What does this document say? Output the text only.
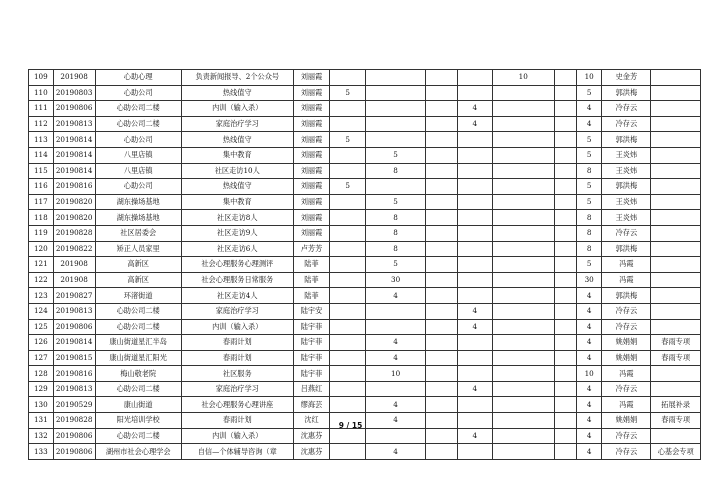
109	201908	心助心理	负责新闻报导、2个公众号	刘丽霞					10		10	史金芳	
110	20190803	心助公司	热线值守	刘丽霞	5						5	郭洪梅	
111	20190806	心助公司二楼	内训（输入杀）	刘丽霞				4			4	冷存云	
112	20190813	心助公司二楼	家庭治疗学习	刘丽霞				4			4	冷存云	
113	20190814	心助公司	热线值守	刘丽霞	5						5	郭洪梅	
114	20190814	八里店镇	集中教育	刘丽霞		5					5	王炎炜	
115	20190814	八里店镇	社区走访10人	刘丽霞		8					8	王炎炜	
116	20190816	心助公司	热线值守	刘丽霞	5						5	郭洪梅	
117	20190820	湖东操场基地	集中教育	刘丽霞		5					5	王炎炜	
118	20190820	湖东操场基地	社区走访8人	刘丽霞		8					8	王炎炜	
119	20190828	社区居委会	社区走访9人	刘丽霞		8					8	冷存云	
120	20190822	矫正人员家里	社区走访6人	卢芳芳		8					8	郭洪梅	
121	201908	高新区	社会心理服务心理测评	陆菲		5					5	冯霞	
122	201908	高新区	社会心理服务日常服务	陆菲		30					30	冯霞	
123	20190827	环渚街道	社区走访4人	陆菲		4					4	郭洪梅	
124	20190813	心助公司二楼	家庭治疗学习	陆宇安				4			4	冷存云	
125	20190806	心助公司二楼	内训（输入杀）	陆宇菲				4			4	冷存云	
126	20190814	康山街道星汇半岛	春雨计划	陆宇菲		4					4	姚娟娟	春雨专项
127	20190815	康山街道星汇阳光	春雨计划	陆宇菲		4					4	姚娟娟	春雨专项
128	20190816	梅山敬老院	社区服务	陆宇菲		10					10	冯霞	
129	20190813	心助公司二楼	家庭治疗学习	吕燕红				4			4	冷存云	
130	20190529	康山街道	社会心理服务心理讲座	缪海芸		4					4	冯霞	拓展补录
131	20190828	阳光培训学校	春雨计划	沈红		4					4	姚娟娟	春雨专项
132	20190806	心助公司二楼	内训（输入杀）	沈惠芬				4			4	冷存云	
133	20190806	湖州市社会心理学会	自信—个体辅导咨询（章	沈惠芬		4					4	冷存云	心基会专项
9 / 15
